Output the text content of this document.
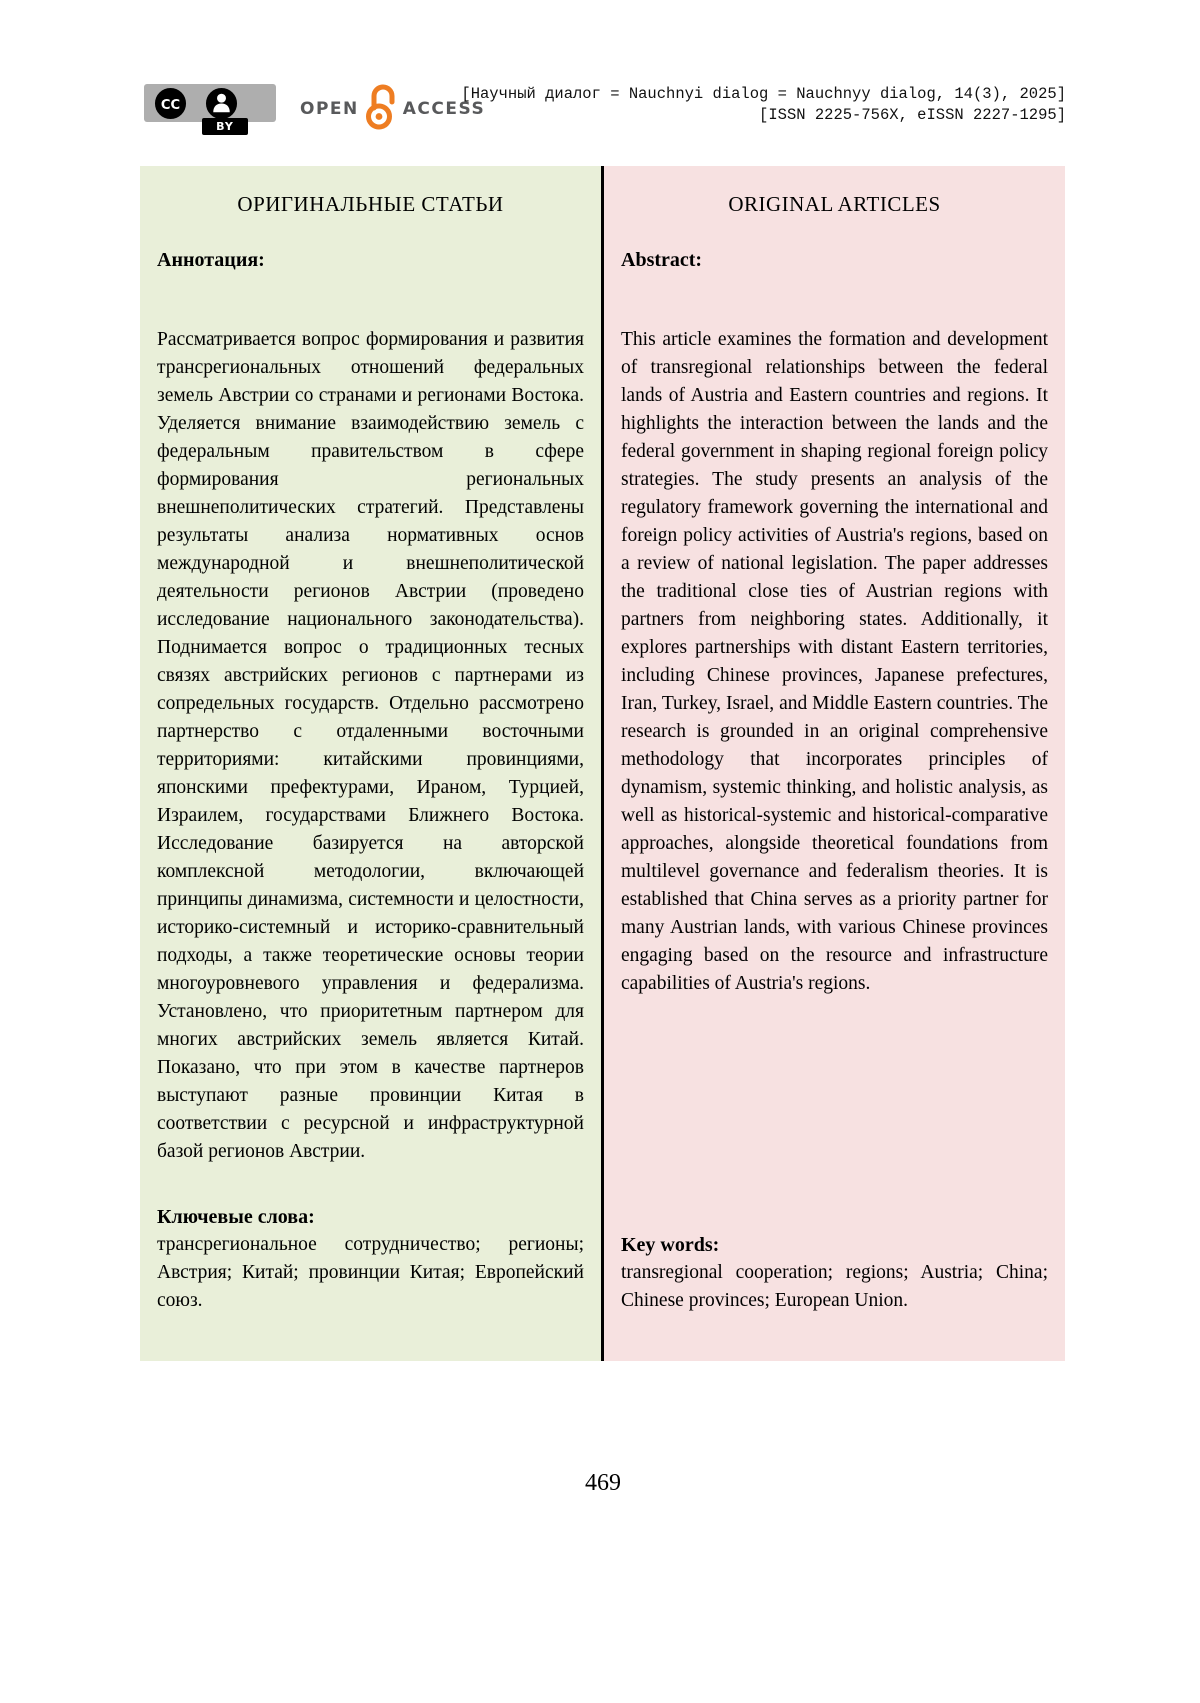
CC
BY
OPEN	ACCESS
[Научный диалог = Nauchnyi dialog = Nauchnyy dialog, 14(3), 2025]
[ISSN 2225-756X, eISSN 2227-1295]
ОРИГИНАЛЬНЫЕ СТАТЬИ
Аннотация:

Рассматривается вопрос формирования и развития трансрегиональных отношений федеральных земель Австрии со странами и регионами Востока. Уделяется внимание взаимодействию земель с федеральным правительством в сфере формирования региональных внешнеполитических стратегий. Представлены результаты анализа нормативных основ международной и внешнеполитической деятельности регионов Австрии (проведено исследование национального законодательства). Поднимается вопрос о традиционных тесных связях австрийских регионов с партнерами из сопредельных государств. Отдельно рассмотрено партнерство с отдаленными восточными территориями: китайскими провинциями, японскими префектурами, Ираном, Турцией, Израилем, государствами Ближнего Востока. Исследование базируется на авторской комплексной методологии, включающей принципы динамизма, системности и целостности, историко-системный и историко-сравнительный подходы, а также теоретические основы теории многоуровневого управления и федерализма. Установлено, что приоритетным партнером для многих австрийских земель является Китай. Показано, что при этом в качестве партнеров выступают разные провинции Китая в соответствии с ресурсной и инфраструктурной базой регионов Австрии.

Ключевые слова:

трансрегиональное сотрудничество; регионы; Австрия; Китай; провинции Китая; Европейский союз.

ORIGINAL ARTICLES
Abstract:

This article examines the formation and development of transregional relationships between the federal lands of Austria and Eastern countries and regions. It highlights the interaction between the lands and the federal government in shaping regional foreign policy strategies. The study presents an analysis of the regulatory framework governing the international and foreign policy activities of Austria's regions, based on a review of national legislation. The paper addresses the traditional close ties of Austrian regions with partners from neighboring states. Additionally, it explores partnerships with distant Eastern territories, including Chinese provinces, Japanese prefectures, Iran, Turkey, Israel, and Middle Eastern countries. The research is grounded in an original comprehensive methodology that incorporates principles of dynamism, systemic thinking, and holistic analysis, as well as historical-systemic and historical-comparative approaches, alongside theoretical foundations from multilevel governance and federalism theories. It is established that China serves as a priority partner for many Austrian lands, with various Chinese provinces engaging based on the resource and infrastructure capabilities of Austria's regions.

Key words:

transregional cooperation; regions; Austria; China; Chinese provinces; European Union.

469
